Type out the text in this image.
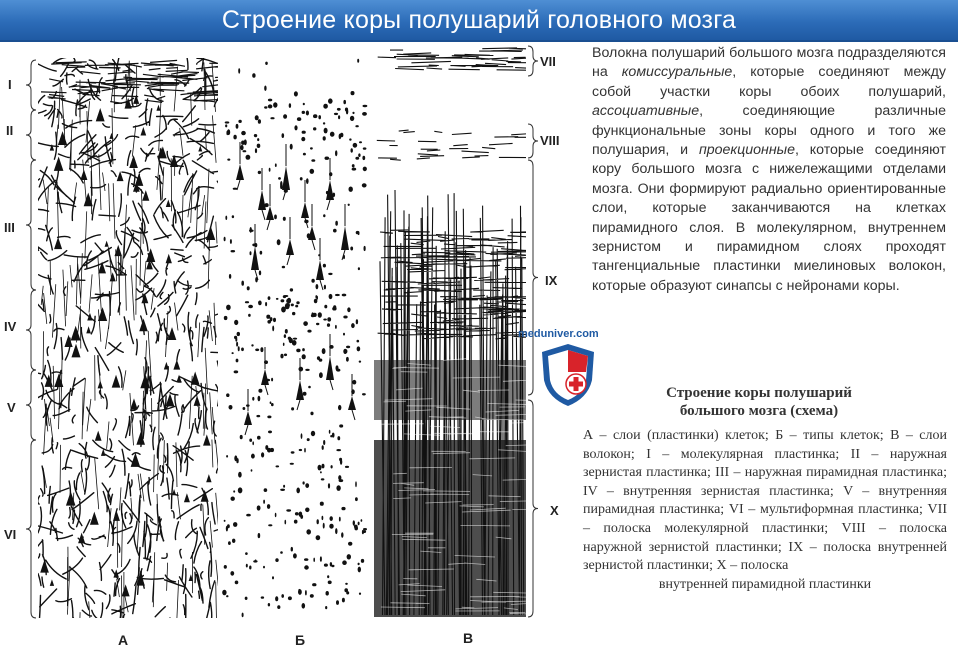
Строение коры полушарий головного мозга
I
II
III
IV
V
VI
VII
VIII
IX
X
А	Б	В

Волокна полушарий большого мозга подразделяются на комиссуральные, которые соединяют между собой участки коры обоих полушарий, ассоциативные, соединяющие различные функциональные зоны коры одного и того же полушария, и проекционные, которые соединяют кору большого мозга с нижележащими отделами мозга. Они формируют радиально ориентированные слои, которые заканчиваются на клетках пирамидного слоя. В молекулярном, внутреннем зернистом и пирамидном слоях проходят тангенциальные пластинки миелиновых волокон, которые образуют синапсы с нейронами коры.

meduniver.com
Строение коры полушарий
большого мозга (схема)

А – слои (пластинки) клеток; Б – типы клеток; В – слои волокон; I – молекулярная пластинка; II – наружная зернистая пластинка; III – наружная пирамидная пластинка; IV – внутренняя зернистая пластинка; V – внутренняя пирамидная пластинка; VI – мультиформная пластинка; VII – полоска молекулярной пластинки; VIII – полоска наружной зернистой пластинки; IX – полоска внутренней зернистой пластинки; X – полоска
внутренней пирамидной пластинки
